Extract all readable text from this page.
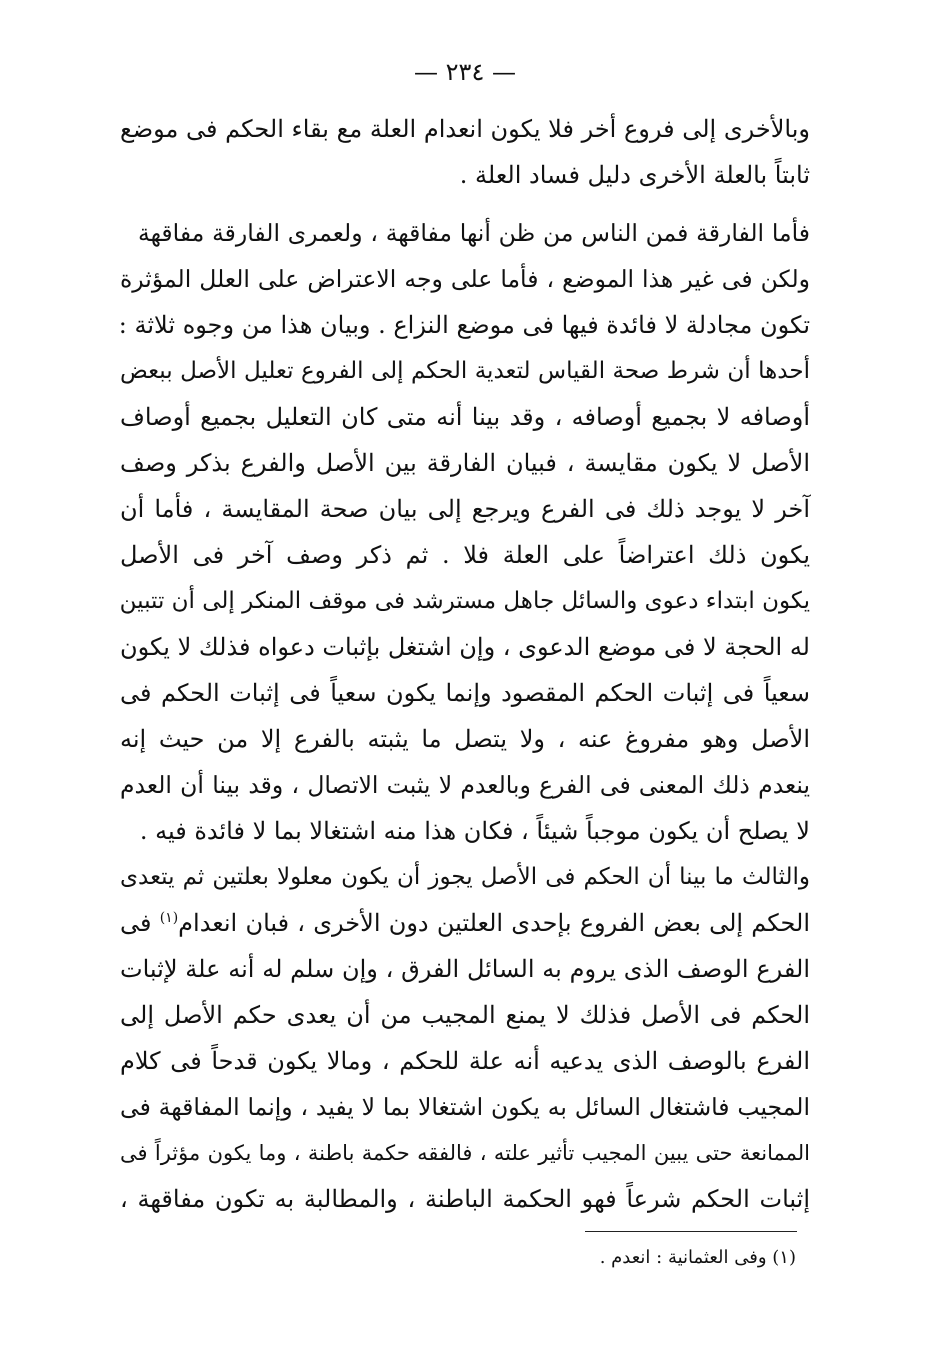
— ٢٣٤ —
وبالأخرى إلى فروع أخر فلا يكون انعدام العلة مع بقاء الحكم فى موضع
ثابتاً بالعلة الأخرى دليل فساد العلة .
فأما الفارقة فمن الناس من ظن أنها مفاقهة ، ولعمرى الفارقة مفاقهة
ولكن فى غير هذا الموضع ، فأما على وجه الاعتراض على العلل المؤثرة
تكون مجادلة لا فائدة فيها فى موضع النزاع . وبيان هذا من وجوه ثلاثة :
أحدها أن شرط صحة القياس لتعدية الحكم إلى الفروع تعليل الأصل ببعض
أوصافه لا بجميع أوصافه ، وقد بينا أنه متى كان التعليل بجميع أوصاف
الأصل لا يكون مقايسة ، فبيان الفارقة بين الأصل والفرع بذكر وصف
آخر لا يوجد ذلك فى الفرع ويرجع إلى بيان صحة المقايسة ، فأما أن
يكون ذلك اعتراضاً على العلة فلا . ثم ذكر وصف آخر فى الأصل
يكون ابتداء دعوى والسائل جاهل مسترشد فى موقف المنكر إلى أن تتبين
له الحجة لا فى موضع الدعوى ، وإن اشتغل بإثبات دعواه فذلك لا يكون
سعياً فى إثبات الحكم المقصود وإنما يكون سعياً فى إثبات الحكم فى
الأصل وهو مفروغ عنه ، ولا يتصل ما يثبته بالفرع إلا من حيث إنه
ينعدم ذلك المعنى فى الفرع وبالعدم لا يثبت الاتصال ، وقد بينا أن العدم
لا يصلح أن يكون موجباً شيئاً ، فكان هذا منه اشتغالا بما لا فائدة فيه .
والثالث ما بينا أن الحكم فى الأصل يجوز أن يكون معلولا بعلتين ثم يتعدى
الحكم إلى بعض الفروع بإحدى العلتين دون الأخرى ، فبان انعدام$^{(١)}$ فى
الفرع الوصف الذى يروم به السائل الفرق ، وإن سلم له أنه علة لإثبات
الحكم فى الأصل فذلك لا يمنع المجيب من أن يعدى حكم الأصل إلى
الفرع بالوصف الذى يدعيه أنه علة للحكم ، ومالا يكون قدحاً فى كلام
المجيب فاشتغال السائل به يكون اشتغالا بما لا يفيد ، وإنما المفاقهة فى
الممانعة حتى يبين المجيب تأثير علته ، فالفقه حكمة باطنة ، وما يكون مؤثراً فى
إثبات الحكم شرعاً فهو الحكمة الباطنة ، والمطالبة به تكون مفاقهة ،
(١) وفى العثمانية : انعدم .
